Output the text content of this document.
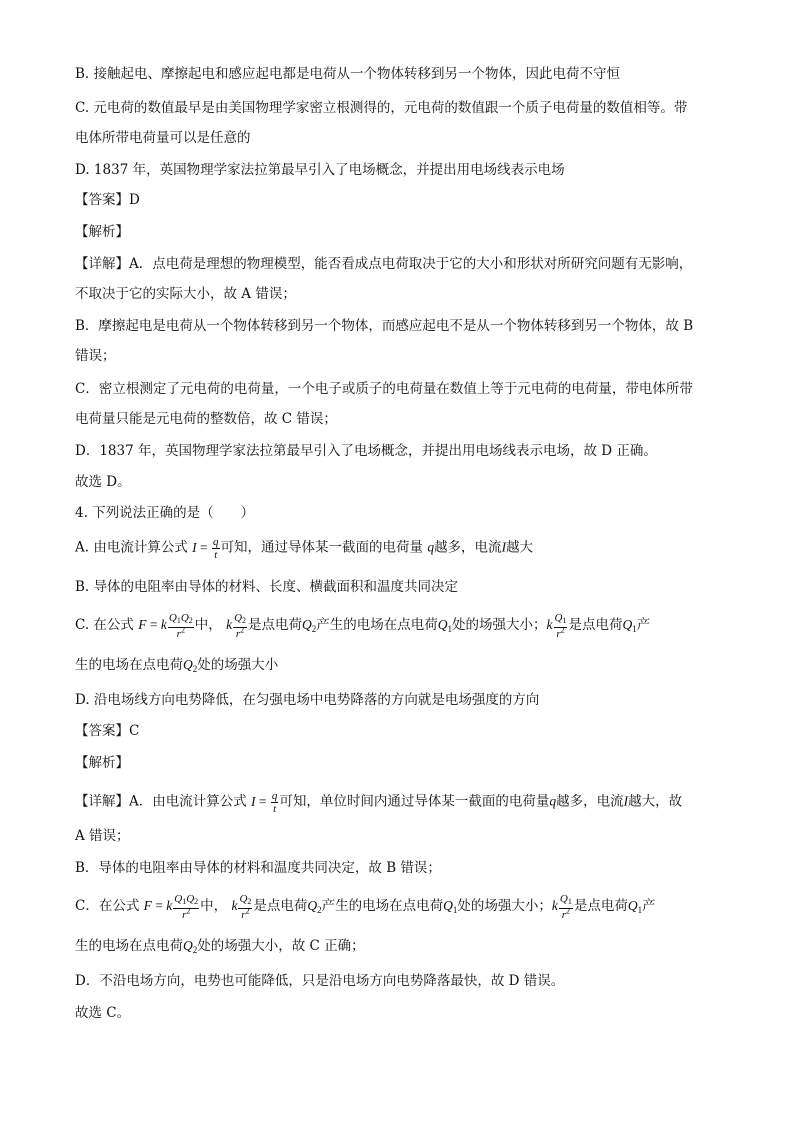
B. 接触起电、摩擦起电和感应起电都是电荷从一个物体转移到另一个物体，因此电荷不守恒
C. 元电荷的数值最早是由美国物理学家密立根测得的，元电荷的数值跟一个质子电荷量的数值相等。带
电体所带电荷量可以是任意的
D. 1837 年，英国物理学家法拉第最早引入了电场概念，并提出用电场线表示电场
【答案】D
【解析】
【详解】A．点电荷是理想的物理模型，能否看成点电荷取决于它的大小和形状对所研究问题有无影响，
不取决于它的实际大小，故 A 错误；
B．摩擦起电是电荷从一个物体转移到另一个物体，而感应起电不是从一个物体转移到另一个物体，故 B
错误；
C．密立根测定了元电荷的电荷量，一个电子或质子的电荷量在数值上等于元电荷的电荷量，带电体所带
电荷量只能是元电荷的整数倍，故 C 错误；
D．1837 年，英国物理学家法拉第最早引入了电场概念，并提出用电场线表示电场，故 D 正确。
故选 D。
4. 下列说法正确的是（　　）
A. 由电流计算公式 $I = \frac{q}{t}$ 可知，通过导体某一截面的电荷量 q越多，电流I越大
B. 导体的电阻率由导体的材料、长度、横截面积和温度共同决定
C. 在公式 F = k $\frac{Q1Q2}{r^2}$ 中， k $\frac{Q2}{r^2}$ 是点电荷$Q_2$产生的电场在点电荷$Q_1$处的场强大小；k $\frac{Q1}{r^2}$ 是点电荷$Q_1$产
生的电场在点电荷$Q_2$处的场强大小
D. 沿电场线方向电势降低，在匀强电场中电势降落的方向就是电场强度的方向
【答案】C
【解析】
【详解】A．由电流计算公式 $I = \frac{q}{t}$ 可知，单位时间内通过导体某一截面的电荷量q越多，电流I越大，故
A 错误；
B．导体的电阻率由导体的材料和温度共同决定，故 B 错误；
C．在公式 F = k $\frac{Q1Q2}{r^2}$ 中， k $\frac{Q2}{r^2}$ 是点电荷$Q_2$产生的电场在点电荷$Q_1$处的场强大小；k $\frac{Q1}{r^2}$ 是点电荷$Q_1$产
生的电场在点电荷$Q_2$处的场强大小，故 C 正确；
D．不沿电场方向，电势也可能降低，只是沿电场方向电势降落最快，故 D 错误。
故选 C。
